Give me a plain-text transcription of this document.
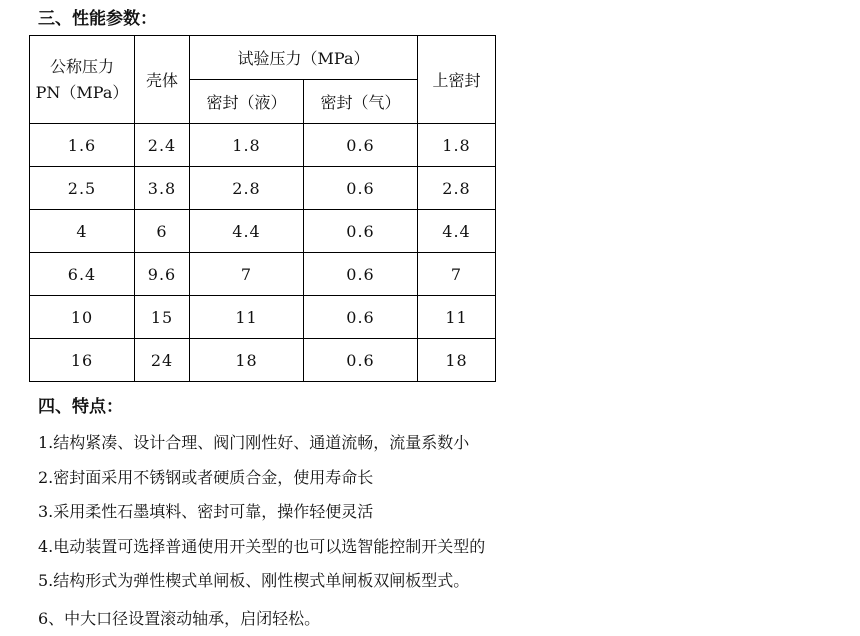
三、性能参数：
公称压力
PN（MPa）	壳体	试验压力（MPa）		上密封
		密封（液）	密封（气）	
1.6	2.4	1.8	0.6	1.8
2.5	3.8	2.8	0.6	2.8
4	6	4.4	0.6	4.4
6.4	9.6	7	0.6	7
10	15	11	0.6	11
16	24	18	0.6	18
四、特点：
1.结构紧凑、设计合理、阀门刚性好、通道流畅，流量系数小
2.密封面采用不锈钢或者硬质合金，使用寿命长
3.采用柔性石墨填料、密封可靠，操作轻便灵活
4.电动装置可选择普通使用开关型的也可以选智能控制开关型的
5.结构形式为弹性楔式单闸板、刚性楔式单闸板双闸板型式。
6、中大口径设置滚动轴承，启闭轻松。
